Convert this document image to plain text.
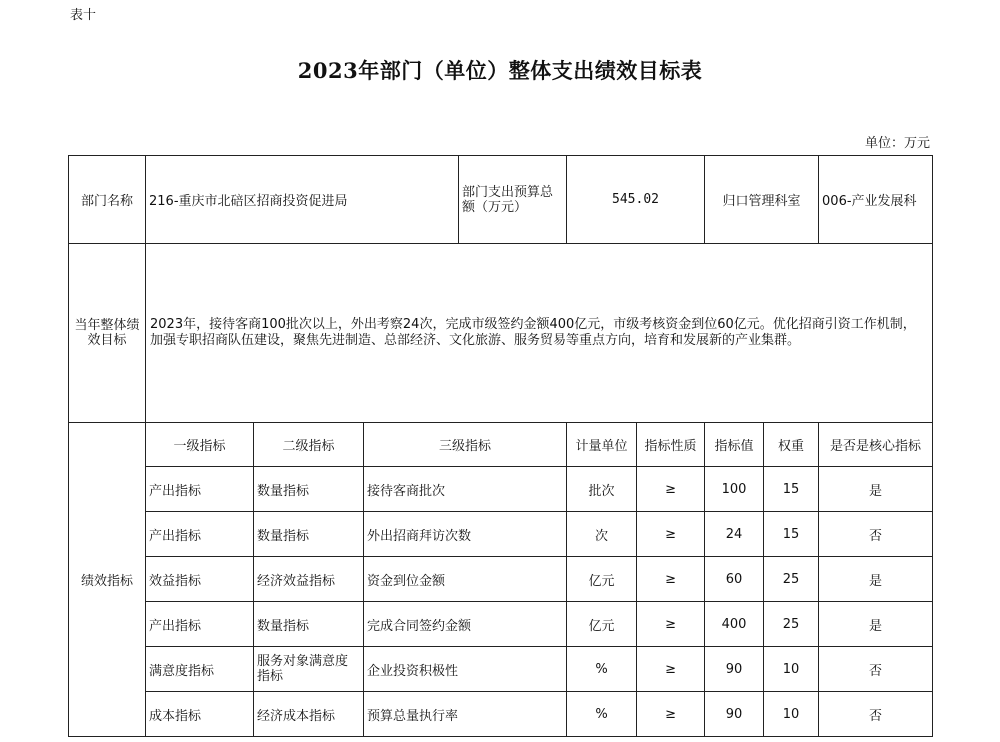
表十
2023年部门（单位）整体支出绩效目标表
单位：万元
部门名称	216-重庆市北碚区招商投资促进局			部门支出预算总额（万元）	545.02		归口管理科室		006-产业发展科
当年整体绩效目标	2023年，接待客商100批次以上，外出考察24次，完成市级签约金额400亿元，市级考核资金到位60亿元。优化招商引资工作机制，加强专职招商队伍建设，聚焦先进制造、总部经济、文化旅游、服务贸易等重点方向，培育和发展新的产业集群。								
绩效指标	一级指标	二级指标	三级指标		计量单位	指标性质	指标值	权重	是否是核心指标
	产出指标	数量指标	接待客商批次		批次	≥	100	15	是
	产出指标	数量指标	外出招商拜访次数		次	≥	24	15	否
	效益指标	经济效益指标	资金到位金额		亿元	≥	60	25	是
	产出指标	数量指标	完成合同签约金额		亿元	≥	400	25	是
	满意度指标	服务对象满意度指标	企业投资积极性		%	≥	90	10	否
	成本指标	经济成本指标	预算总量执行率		%	≥	90	10	否
